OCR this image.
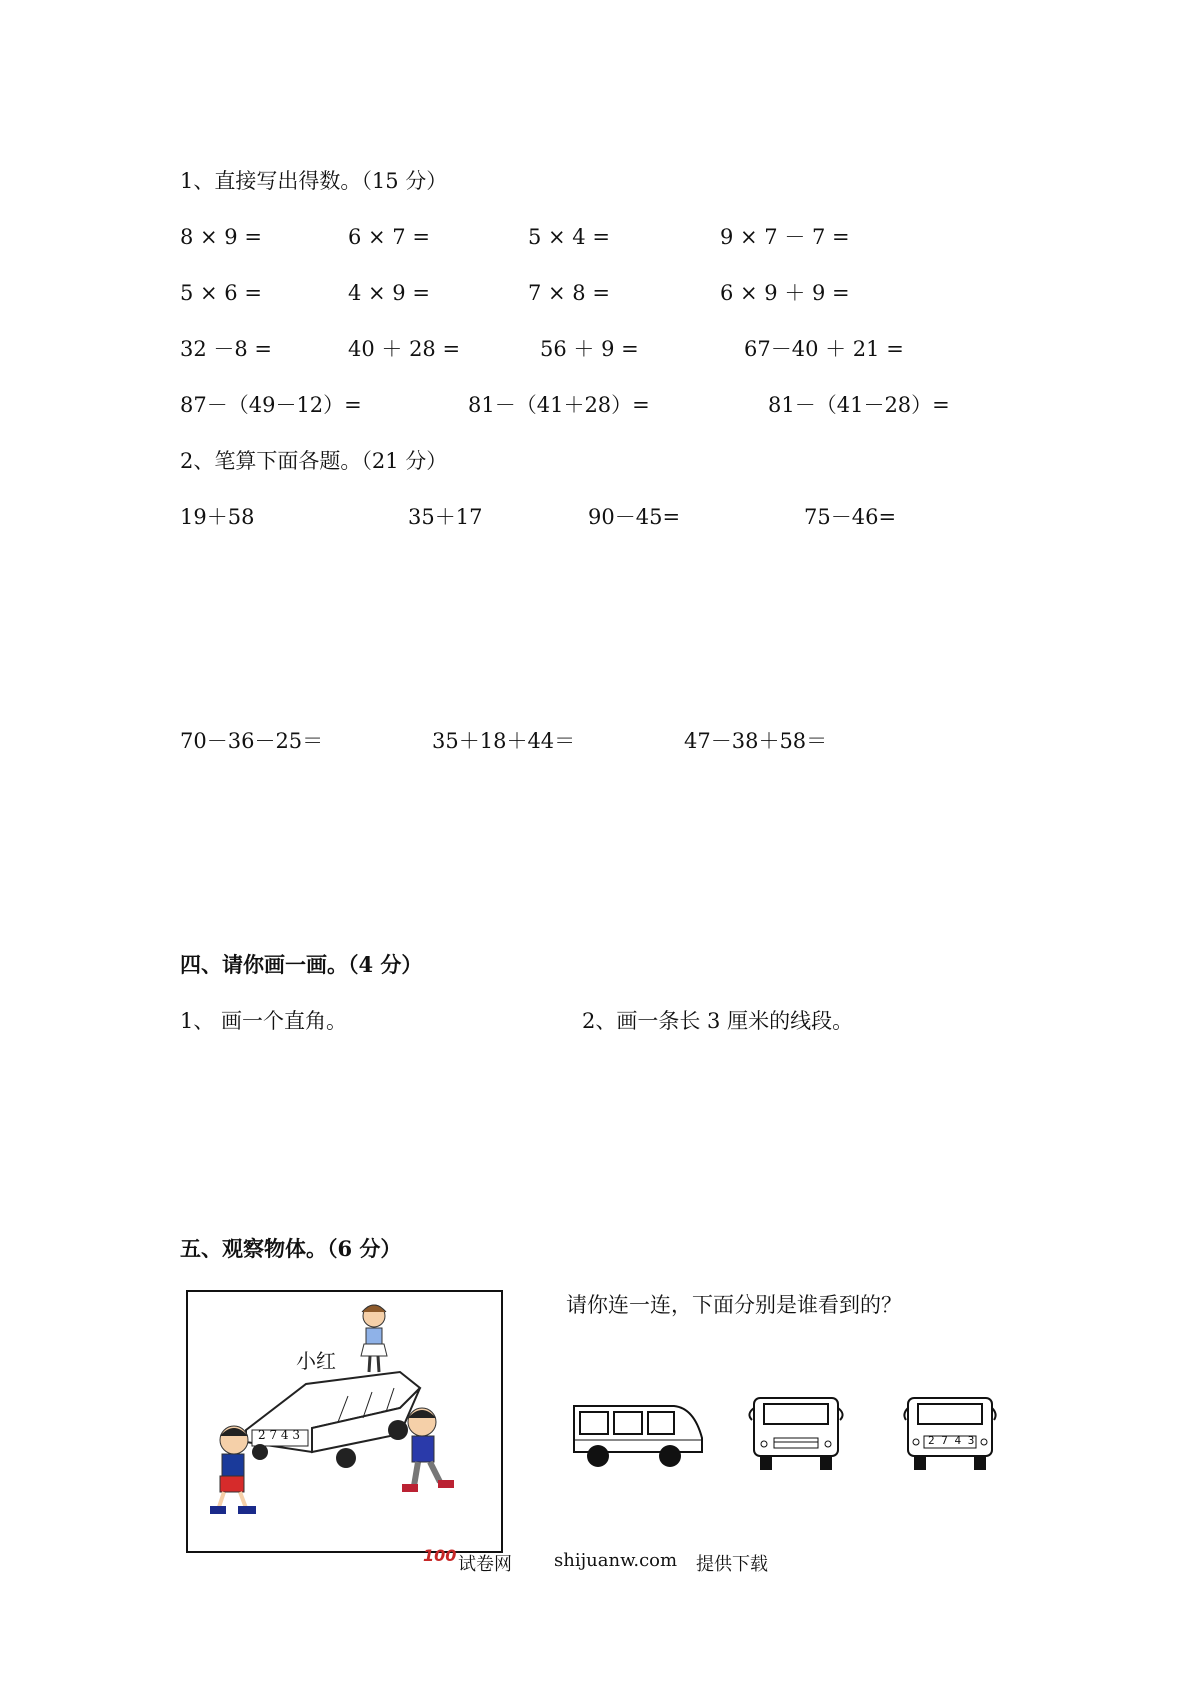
1、直接写出得数。（15 分）
8 × 9 =	6 × 7 =	5 × 4 =	9 × 7 － 7 =
5 × 6 =	4 × 9 =	7 × 8 =	6 × 9 ＋ 9 =
32 －8 =	40 ＋ 28 =	56 ＋ 9 =	67－40 ＋ 21 =
87－（49－12）=	81－（41＋28）=	81－（41－28）=
2、笔算下面各题。（21 分）
19＋58	35＋17	90－45=	75－46=
70－36－25＝	35＋18＋44＝	47－38＋58＝
四、请你画一画。（4 分）
1、 画一个直角。	2、画一条长 3 厘米的线段。
五、观察物体。（6 分）
请你连一连，下面分别是谁看到的？
小红
2 7 4 3	2 7 4 3
100 试卷网 shijuanw.com 提供下载
